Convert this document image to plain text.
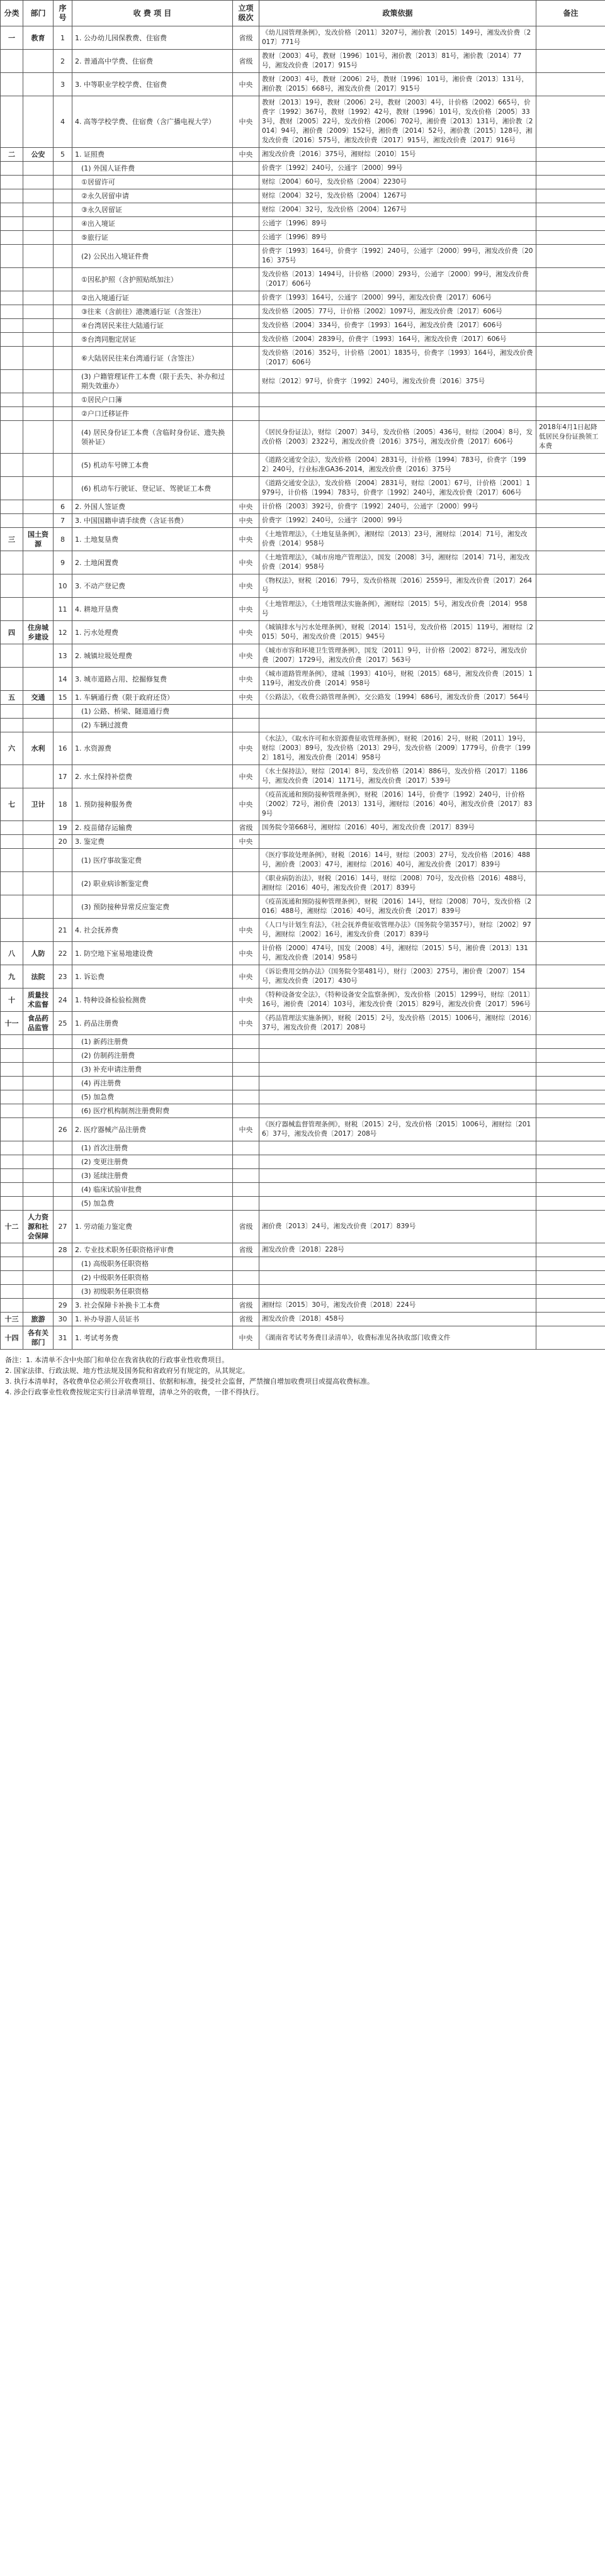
分类	部门	序号	收 费 项 目	立项级次	政策依据	备注
一	教育	1	1. 公办幼儿园保教费、住宿费	省级	《幼儿园管理条例》，发改价格〔2011〕3207号，湘价教〔2015〕149号，湘发改价费〔2017〕771号	
		2	2. 普通高中学费、住宿费	省级	教财〔2003〕4号，教财〔1996〕101号，湘价教〔2013〕81号，湘价教〔2014〕77号，湘发改价费〔2017〕915号	
		3	3. 中等职业学校学费、住宿费	中央	教财〔2003〕4号，教财〔2006〕2号，教财〔1996〕101号，湘价费〔2013〕131号，湘价教〔2015〕668号，湘发改价费〔2017〕915号	
		4	4. 高等学校学费、住宿费（含广播电视大学）	中央	教财〔2013〕19号，教财〔2006〕2号，教财〔2003〕4号，计价格〔2002〕665号，价费字〔1992〕367号，教财〔1992〕42号，教财〔1996〕101号，发改价格〔2005〕333号，教财〔2005〕22号，发改价格〔2006〕702号，湘价费〔2013〕131号，湘价教〔2014〕94号，湘价费〔2009〕152号，湘价费〔2014〕52号，湘价教〔2015〕128号，湘发改价费〔2016〕575号，湘发改价费〔2017〕915号，湘发改价费〔2017〕916号	
二	公安	5	1. 证照费	中央	湘发改价费〔2016〕375号，湘财综〔2010〕15号	
			(1) 外国人证件费		价费字〔1992〕240号，公通字〔2000〕99号	
			①居留许可		财综〔2004〕60号，发改价格〔2004〕2230号	
			②永久居留申请		财综〔2004〕32号，发改价格〔2004〕1267号	
			③永久居留证		财综〔2004〕32号，发改价格〔2004〕1267号	
			④出入境证		公通字〔1996〕89号	
			⑤旅行证		公通字〔1996〕89号	
			(2) 公民出入境证件费		价费字〔1993〕164号，价费字〔1992〕240号，公通字〔2000〕99号，湘发改价费〔2016〕375号	
			①因私护照（含护照贴纸加注）		发改价格〔2013〕1494号，计价格〔2000〕293号，公通字〔2000〕99号，湘发改价费〔2017〕606号	
			②出入境通行证		价费字〔1993〕164号，公通字〔2000〕99号，湘发改价费〔2017〕606号	
			③往来（含前往）港澳通行证（含签注）		发改价格〔2005〕77号，计价格〔2002〕1097号，湘发改价费〔2017〕606号	
			④台湾居民来往大陆通行证		发改价格〔2004〕334号，价费字〔1993〕164号，湘发改价费〔2017〕606号	
			⑤台湾同胞定居证		发改价格〔2004〕2839号，价费字〔1993〕164号，湘发改价费〔2017〕606号	
			⑥大陆居民往来台湾通行证（含签注）		发改价格〔2016〕352号，计价格〔2001〕1835号，价费字〔1993〕164号，湘发改价费〔2017〕606号	
			(3) 户籍管理证件工本费（限于丢失、补办和过期失效重办）		财综〔2012〕97号，价费字〔1992〕240号，湘发改价费〔2016〕375号	
			①居民户口簿			
			②户口迁移证件			
			(4) 居民身份证工本费（含临时身份证、遗失换领补证）		《居民身份证法》，财综〔2007〕34号，发改价格〔2005〕436号，财综〔2004〕8号，发改价格〔2003〕2322号，湘发改价费〔2016〕375号，湘发改价费〔2017〕606号	2018年4月1日起降低居民身份证换领工本费
			(5) 机动车号牌工本费		《道路交通安全法》，发改价格〔2004〕2831号，计价格〔1994〕783号，价费字〔1992〕240号，行业标准GA36-2014，湘发改价费〔2016〕375号	
			(6) 机动车行驶证、登记证、驾驶证工本费		《道路交通安全法》，发改价格〔2004〕2831号，财综〔2001〕67号，计价格〔2001〕1979号，计价格〔1994〕783号，价费字〔1992〕240号，湘发改价费〔2017〕606号	
		6	2. 外国人签证费	中央	计价格〔2003〕392号，价费字〔1992〕240号，公通字〔2000〕99号	
		7	3. 中国国籍申请手续费（含证书费）	中央	价费字〔1992〕240号，公通字〔2000〕99号	
三	国土资源	8	1. 土地复垦费	中央	《土地管理法》，《土地复垦条例》，湘财综〔2013〕23号，湘财综〔2014〕71号，湘发改价费〔2014〕958号	
		9	2. 土地闲置费	中央	《土地管理法》，《城市房地产管理法》，国发〔2008〕3号，湘财综〔2014〕71号，湘发改价费〔2014〕958号	
		10	3. 不动产登记费	中央	《物权法》，财税〔2016〕79号，发改价格规〔2016〕2559号，湘发改价费〔2017〕264号	
		11	4. 耕地开垦费	中央	《土地管理法》，《土地管理法实施条例》，湘财综〔2015〕5号，湘发改价费〔2014〕958号	
四	住房城乡建设	12	1. 污水处理费	中央	《城镇排水与污水处理条例》，财税〔2014〕151号，发改价格〔2015〕119号，湘财综〔2015〕50号，湘发改价费〔2015〕945号	
		13	2. 城镇垃圾处理费	中央	《城市市容和环境卫生管理条例》，国发〔2011〕9号，计价格〔2002〕872号，湘发改价费〔2007〕1729号，湘发改价费〔2017〕563号	
		14	3. 城市道路占用、挖掘修复费	中央	《城市道路管理条例》，建城〔1993〕410号，财税〔2015〕68号，湘发改价费〔2015〕1119号，湘发改价费〔2014〕958号	
五	交通	15	1. 车辆通行费（限于政府还贷）	中央	《公路法》，《收费公路管理条例》，交公路发〔1994〕686号，湘发改价费〔2017〕564号	
			(1) 公路、桥梁、隧道通行费			
			(2) 车辆过渡费			
六	水利	16	1. 水资源费	中央	《水法》，《取水许可和水资源费征收管理条例》，财税〔2016〕2号，财税〔2011〕19号，财综〔2003〕89号，发改价格〔2013〕29号，发改价格〔2009〕1779号，价费字〔1992〕181号，湘发改价费〔2014〕958号	
		17	2. 水土保持补偿费	中央	《水土保持法》，财综〔2014〕8号，发改价格〔2014〕886号，发改价格〔2017〕1186号，湘发改价费〔2014〕1171号，湘发改价费〔2017〕539号	
七	卫计	18	1. 预防接种服务费	中央	《疫苗流通和预防接种管理条例》，财税〔2016〕14号，价费字〔1992〕240号，计价格〔2002〕72号，湘价费〔2013〕131号，湘财综〔2016〕40号，湘发改价费〔2017〕839号	
		19	2. 疫苗储存运输费	省级	国务院令第668号，湘财综〔2016〕40号，湘发改价费〔2017〕839号	
		20	3. 鉴定费	中央		
			(1) 医疗事故鉴定费		《医疗事故处理条例》，财税〔2016〕14号，财综〔2003〕27号，发改价格〔2016〕488号，湘价费〔2003〕47号，湘财综〔2016〕40号，湘发改价费〔2017〕839号	
			(2) 职业病诊断鉴定费		《职业病防治法》，财税〔2016〕14号，财综〔2008〕70号，发改价格〔2016〕488号，湘财综〔2016〕40号，湘发改价费〔2017〕839号	
			(3) 预防接种异常反应鉴定费		《疫苗流通和预防接种管理条例》，财税〔2016〕14号，财综〔2008〕70号，发改价格〔2016〕488号，湘财综〔2016〕40号，湘发改价费〔2017〕839号	
		21	4. 社会抚养费	中央	《人口与计划生育法》，《社会抚养费征收管理办法》（国务院令第357号），财综〔2002〕97号，湘财综〔2002〕16号，湘发改价费〔2017〕839号	
八	人防	22	1. 防空地下室易地建设费	中央	计价格〔2000〕474号，国发〔2008〕4号，湘财综〔2015〕5号，湘价费〔2013〕131号，湘发改价费〔2014〕958号	
九	法院	23	1. 诉讼费	中央	《诉讼费用交纳办法》（国务院令第481号），财行〔2003〕275号，湘价费〔2007〕154号，湘发改价费〔2017〕430号	
十	质量技术监督	24	1. 特种设备检验检测费	中央	《特种设备安全法》，《特种设备安全监察条例》，发改价格〔2015〕1299号，财综〔2011〕16号，湘价费〔2014〕103号，湘发改价费〔2015〕829号，湘发改价费〔2017〕596号	
十一	食品药品监管	25	1. 药品注册费	中央	《药品管理法实施条例》，财税〔2015〕2号，发改价格〔2015〕1006号，湘财综〔2016〕37号，湘发改价费〔2017〕208号	
			(1) 新药注册费			
			(2) 仿制药注册费			
			(3) 补充申请注册费			
			(4) 再注册费			
			(5) 加急费			
			(6) 医疗机构制剂注册费附费			
		26	2. 医疗器械产品注册费	中央	《医疗器械监督管理条例》，财税〔2015〕2号，发改价格〔2015〕1006号，湘财综〔2016〕37号，湘发改价费〔2017〕208号	
			(1) 首次注册费			
			(2) 变更注册费			
			(3) 延续注册费			
			(4) 临床试验审批费			
			(5) 加急费			
十二	人力资源和社会保障	27	1. 劳动能力鉴定费	省级	湘价费〔2013〕24号，湘发改价费〔2017〕839号	
		28	2. 专业技术职务任职资格评审费	省级	湘发改价费〔2018〕228号	
			(1) 高级职务任职资格			
			(2) 中级职务任职资格			
			(3) 初级职务任职资格			
		29	3. 社会保障卡补换卡工本费	省级	湘财综〔2015〕30号，湘发改价费〔2018〕224号	
十三	旅游	30	1. 补办导游人员证书	省级	湘发改价费〔2018〕458号	
十四	各有关部门	31	1. 考试考务费	中央	《湖南省考试考务费目录清单》，收费标准见各执收部门收费文件	

备注：1. 本清单不含中央部门和单位在我省执收的行政事业性收费项目。

2. 国家法律、行政法规、地方性法规及国务院和省政府另有规定的，从其规定。

3. 执行本清单时，各收费单位必须公开收费项目、依据和标准，接受社会监督，严禁擅自增加收费项目或提高收费标准。

4. 涉企行政事业性收费按规定实行目录清单管理，清单之外的收费，一律不得执行。
